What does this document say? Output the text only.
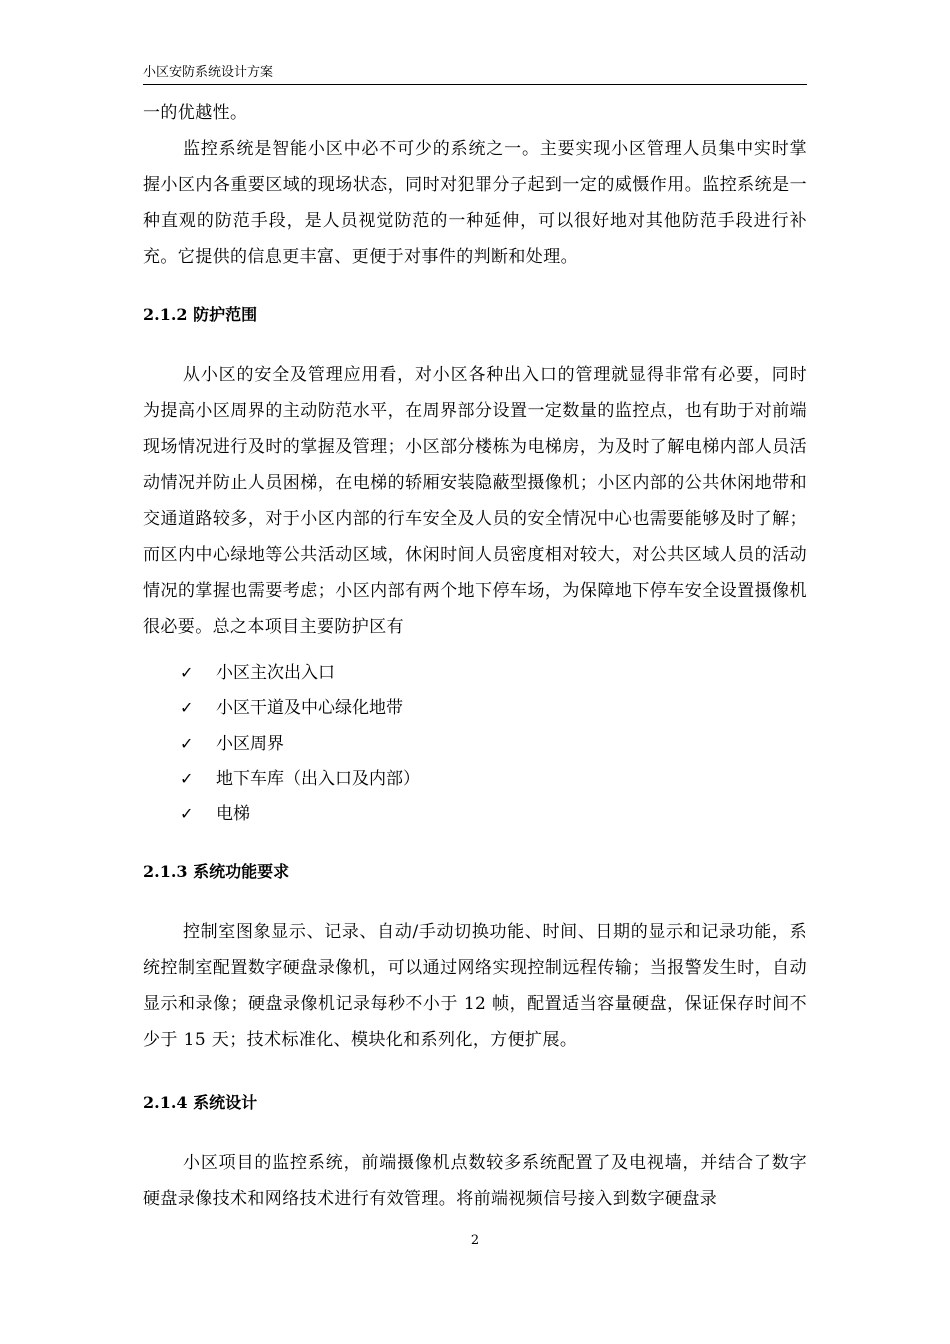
小区安防系统设计方案
一的优越性。
监控系统是智能小区中必不可少的系统之一。主要实现小区管理人员集中实时掌握小区内各重要区域的现场状态，同时对犯罪分子起到一定的威慑作用。监控系统是一种直观的防范手段，是人员视觉防范的一种延伸，可以很好地对其他防范手段进行补充。它提供的信息更丰富、更便于对事件的判断和处理。
2.1.2 防护范围
从小区的安全及管理应用看，对小区各种出入口的管理就显得非常有必要，同时为提高小区周界的主动防范水平，在周界部分设置一定数量的监控点，也有助于对前端现场情况进行及时的掌握及管理；小区部分楼栋为电梯房，为及时了解电梯内部人员活动情况并防止人员困梯，在电梯的轿厢安装隐蔽型摄像机；小区内部的公共休闲地带和交通道路较多，对于小区内部的行车安全及人员的安全情况中心也需要能够及时了解；而区内中心绿地等公共活动区域，休闲时间人员密度相对较大，对公共区域人员的活动情况的掌握也需要考虑；小区内部有两个地下停车场，为保障地下停车安全设置摄像机很必要。总之本项目主要防护区有
✓ 小区主次出入口
✓ 小区干道及中心绿化地带
✓ 小区周界
✓ 地下车库（出入口及内部）
✓ 电梯
2.1.3 系统功能要求
控制室图象显示、记录、自动/手动切换功能、时间、日期的显示和记录功能，系统控制室配置数字硬盘录像机，可以通过网络实现控制远程传输；当报警发生时，自动显示和录像；硬盘录像机记录每秒不小于 12 帧，配置适当容量硬盘，保证保存时间不少于 15 天；技术标准化、模块化和系列化，方便扩展。
2.1.4 系统设计
小区项目的监控系统，前端摄像机点数较多系统配置了及电视墙，并结合了数字硬盘录像技术和网络技术进行有效管理。将前端视频信号接入到数字硬盘录
2
